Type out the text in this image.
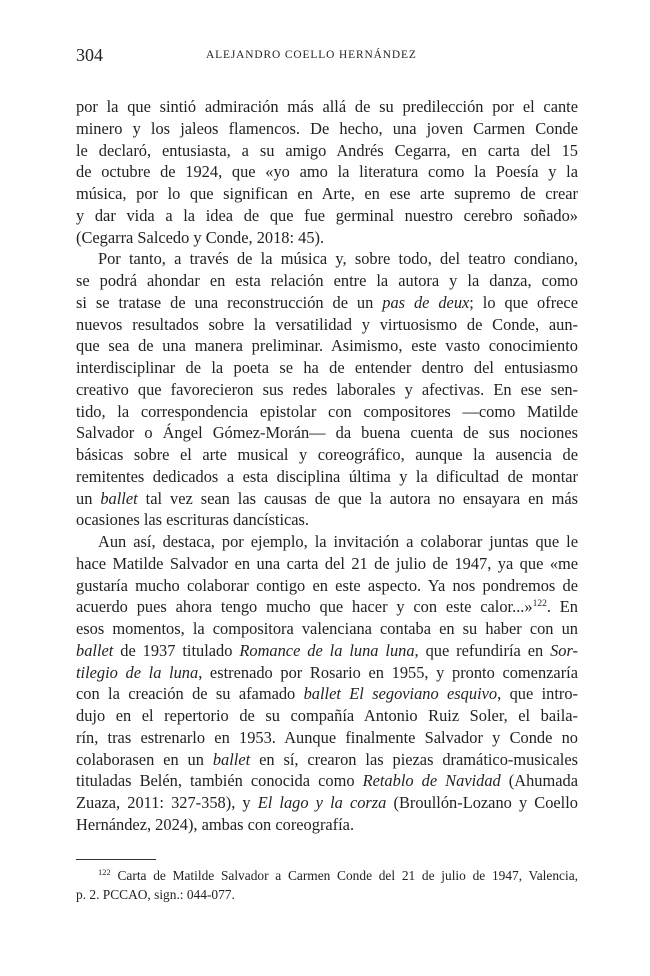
304	ALEJANDRO COELLO HERNÁNDEZ

por la que sintió admiración más allá de su predilección por el cante
minero y los jaleos flamencos. De hecho, una joven Carmen Conde
le declaró, entusiasta, a su amigo Andrés Cegarra, en carta del 15
de octubre de 1924, que «yo amo la literatura como la Poesía y la
música, por lo que significan en Arte, en ese arte supremo de crear
y dar vida a la idea de que fue germinal nuestro cerebro soñado»
(Cegarra Salcedo y Conde, 2018: 45).

Por tanto, a través de la música y, sobre todo, del teatro condiano,
se podrá ahondar en esta relación entre la autora y la danza, como
si se tratase de una reconstrucción de un pas de deux; lo que ofrece
nuevos resultados sobre la versatilidad y virtuosismo de Conde, aun-
que sea de una manera preliminar. Asimismo, este vasto conocimiento
interdisciplinar de la poeta se ha de entender dentro del entusiasmo
creativo que favorecieron sus redes laborales y afectivas. En ese sen-
tido, la correspondencia epistolar con compositores —como Matilde
Salvador o Ángel Gómez-Morán— da buena cuenta de sus nociones
básicas sobre el arte musical y coreográfico, aunque la ausencia de
remitentes dedicados a esta disciplina última y la dificultad de montar
un ballet tal vez sean las causas de que la autora no ensayara en más
ocasiones las escrituras dancísticas.

Aun así, destaca, por ejemplo, la invitación a colaborar juntas que le
hace Matilde Salvador en una carta del 21 de julio de 1947, ya que «me
gustaría mucho colaborar contigo en este aspecto. Ya nos pondremos de
acuerdo pues ahora tengo mucho que hacer y con este calor...»$^{122}$. En
esos momentos, la compositora valenciana contaba en su haber con un
ballet de 1937 titulado Romance de la luna luna, que refundiría en Sor-
tilegio de la luna, estrenado por Rosario en 1955, y pronto comenzaría
con la creación de su afamado ballet El segoviano esquivo, que intro-
dujo en el repertorio de su compañía Antonio Ruiz Soler, el baila-
rín, tras estrenarlo en 1953. Aunque finalmente Salvador y Conde no
colaborasen en un ballet en sí, crearon las piezas dramático-musicales
tituladas Belén, también conocida como Retablo de Navidad (Ahumada
Zuaza, 2011: 327-358), y El lago y la corza (Broullón-Lozano y Coello
Hernández, 2024), ambas con coreografía.

$^{122}$ Carta de Matilde Salvador a Carmen Conde del 21 de julio de 1947, Valencia,
p. 2. PCCAO, sign.: 044-077.
